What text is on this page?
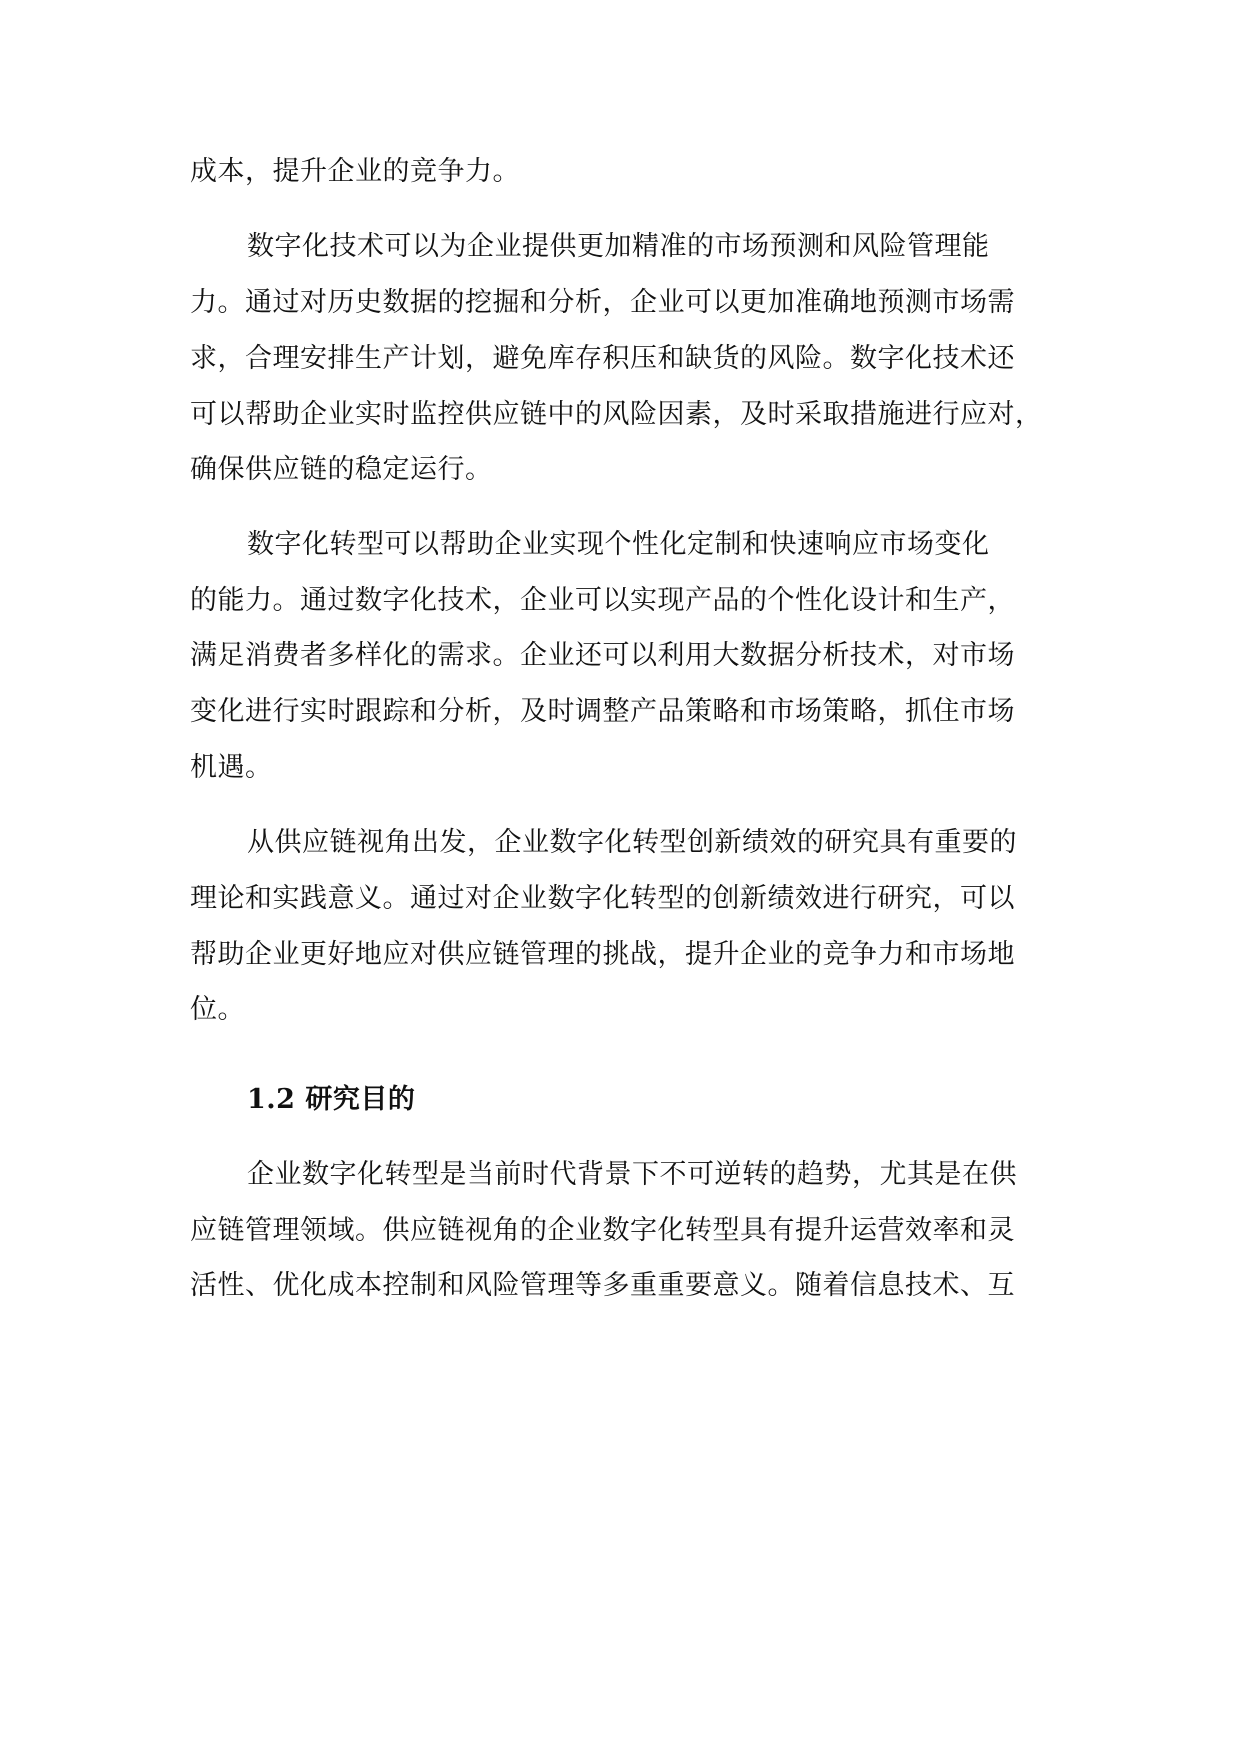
成本，提升企业的竞争力。
数字化技术可以为企业提供更加精准的市场预测和风险管理能
力。通过对历史数据的挖掘和分析，企业可以更加准确地预测市场需
求，合理安排生产计划，避免库存积压和缺货的风险。数字化技术还
可以帮助企业实时监控供应链中的风险因素，及时采取措施进行应对，
确保供应链的稳定运行。
数字化转型可以帮助企业实现个性化定制和快速响应市场变化
的能力。通过数字化技术，企业可以实现产品的个性化设计和生产，
满足消费者多样化的需求。企业还可以利用大数据分析技术，对市场
变化进行实时跟踪和分析，及时调整产品策略和市场策略，抓住市场
机遇。
从供应链视角出发，企业数字化转型创新绩效的研究具有重要的
理论和实践意义。通过对企业数字化转型的创新绩效进行研究，可以
帮助企业更好地应对供应链管理的挑战，提升企业的竞争力和市场地
位。
1.2 研究目的
企业数字化转型是当前时代背景下不可逆转的趋势，尤其是在供
应链管理领域。供应链视角的企业数字化转型具有提升运营效率和灵
活性、优化成本控制和风险管理等多重重要意义。随着信息技术、互
